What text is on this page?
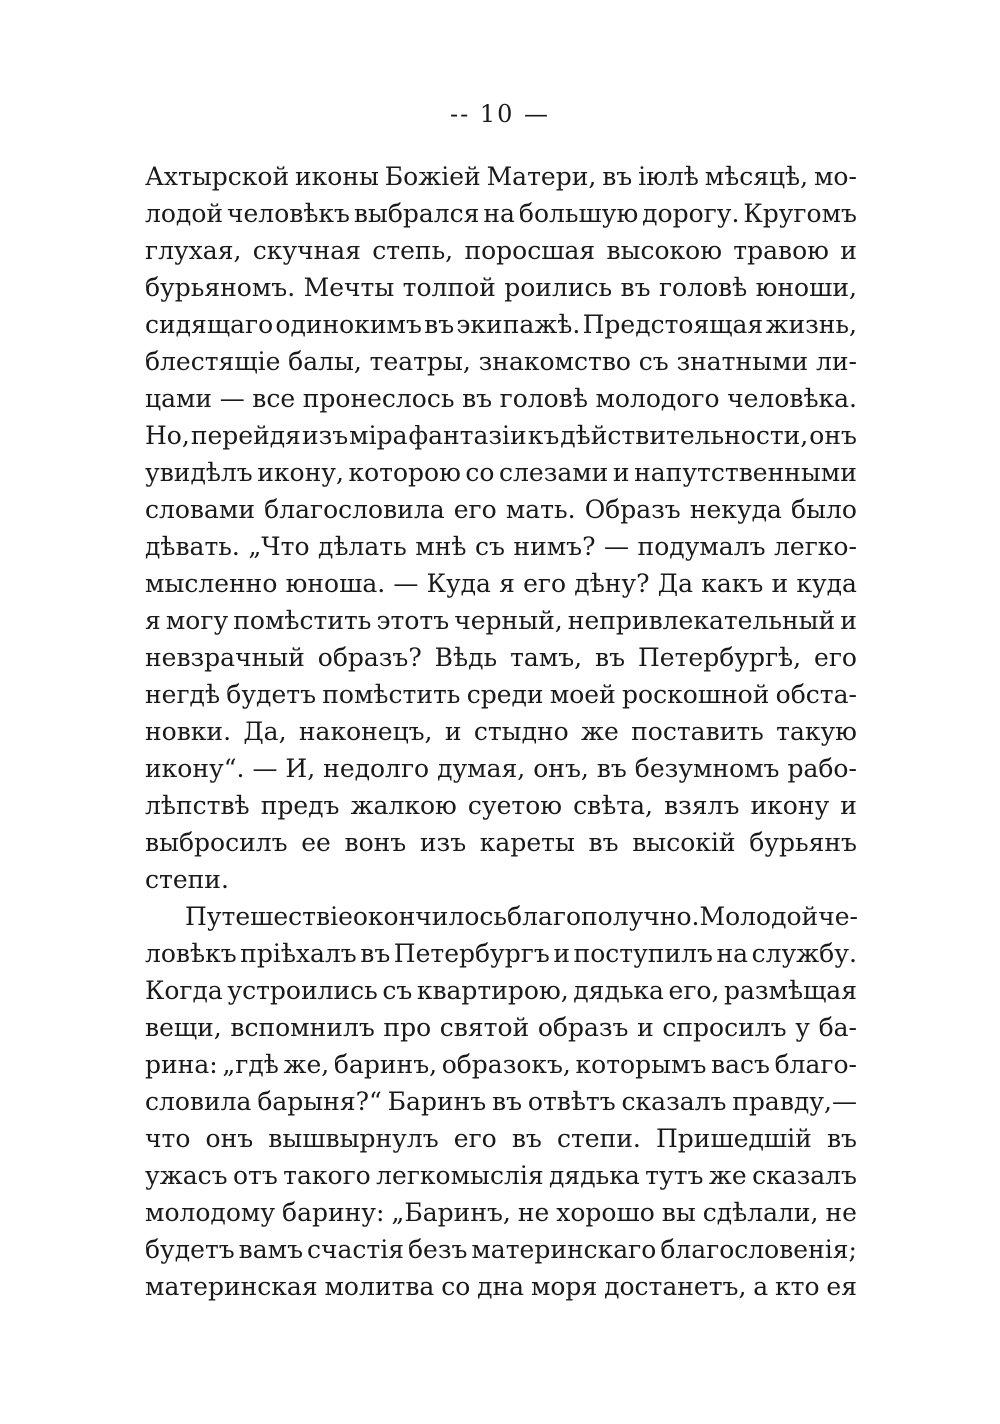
-- 10 —
Ахтырской иконы Божіей Матери, въ іюлѣ мѣсяцѣ, мо-
лодой человѣкъ выбрался на большую дорогу. Кругомъ
глухая, скучная степь, поросшая высокою травою и
бурьяномъ. Мечты толпой роились въ головѣ юноши,
сидящаго одинокимъ въ экипажѣ. Предстоящая жизнь,
блестящіе балы, театры, знакомство съ знатными ли-
цами — все пронеслось въ головѣ молодого человѣка.
Но, перейдя изъ міра фантазіи къ дѣйствительности, онъ
увидѣлъ икону, которою со слезами и напутственными
словами благословила его мать. Образъ некуда было
дѣвать. „Что дѣлать мнѣ съ нимъ? — подумалъ легко-
мысленно юноша. — Куда я его дѣну? Да какъ и куда
я могу помѣстить этотъ черный, непривлекательный и
невзрачный образъ? Вѣдь тамъ, въ Петербургѣ, его
негдѣ будетъ помѣстить среди моей роскошной обста-
новки. Да, наконецъ, и стыдно же поставить такую
икону“. — И, недолго думая, онъ, въ безумномъ рабо-
лѣпствѣ предъ жалкою суетою свѣта, взялъ икону и
выбросилъ ее вонъ изъ кареты въ высокій бурьянъ
степи.
Путешествіе окончилось благополучно. Молодой че-
ловѣкъ пріѣхалъ въ Петербургъ и поступилъ на службу.
Когда устроились съ квартирою, дядька его, размѣщая
вещи, вспомнилъ про святой образъ и спросилъ у ба-
рина: „гдѣ же, баринъ, образокъ, которымъ васъ благо-
словила барыня?“ Баринъ въ отвѣтъ сказалъ правду,—
что онъ вышвырнулъ его въ степи. Пришедшій въ
ужасъ отъ такого легкомыслія дядька тутъ же сказалъ
молодому барину: „Баринъ, не хорошо вы сдѣлали, не
будетъ вамъ счастія безъ материнскаго благословенія;
материнская молитва со дна моря достанетъ, а кто ея
